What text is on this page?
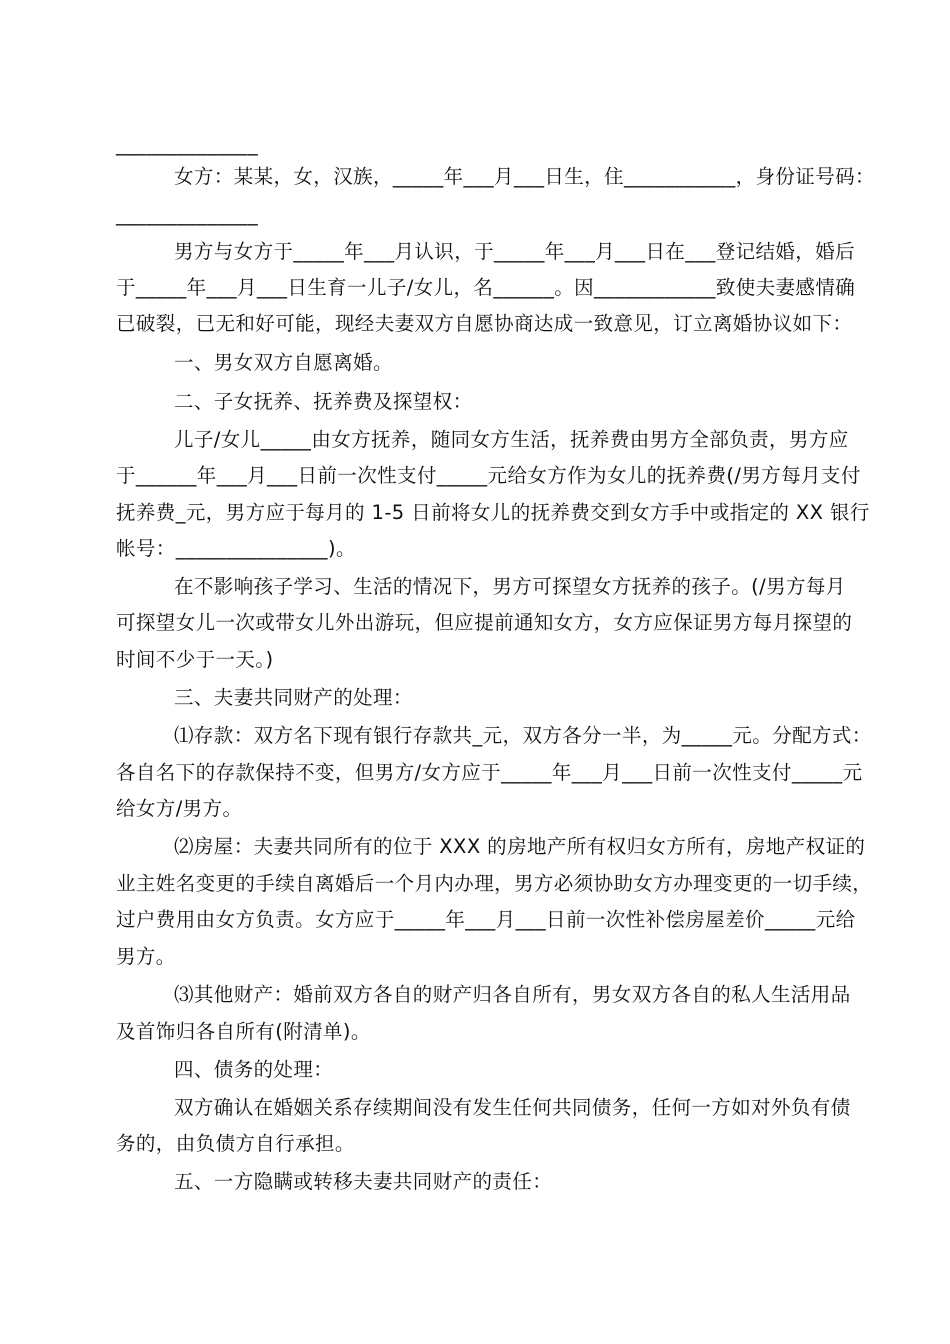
______________
女方：某某，女，汉族，_____年___月___日生，住___________，身份证号码：
______________
男方与女方于_____年___月认识，于_____年___月___日在___登记结婚，婚后
于_____年___月___日生育一儿子/女儿，名______。因____________致使夫妻感情确
已破裂，已无和好可能，现经夫妻双方自愿协商达成一致意见，订立离婚协议如下：
一、男女双方自愿离婚。
二、子女抚养、抚养费及探望权：
儿子/女儿_____由女方抚养，随同女方生活，抚养费由男方全部负责，男方应
于______年___月___日前一次性支付_____元给女方作为女儿的抚养费(/男方每月支付
抚养费_元，男方应于每月的 1-5 日前将女儿的抚养费交到女方手中或指定的 XX 银行
帐号：_______________)。
在不影响孩子学习、生活的情况下，男方可探望女方抚养的孩子。(/男方每月
可探望女儿一次或带女儿外出游玩，但应提前通知女方，女方应保证男方每月探望的
时间不少于一天。)
三、夫妻共同财产的处理：
⑴存款：双方名下现有银行存款共_元，双方各分一半，为_____元。分配方式：
各自名下的存款保持不变，但男方/女方应于_____年___月___日前一次性支付_____元
给女方/男方。
⑵房屋：夫妻共同所有的位于 XXX 的房地产所有权归女方所有，房地产权证的
业主姓名变更的手续自离婚后一个月内办理，男方必须协助女方办理变更的一切手续，
过户费用由女方负责。女方应于_____年___月___日前一次性补偿房屋差价_____元给
男方。
⑶其他财产：婚前双方各自的财产归各自所有，男女双方各自的私人生活用品
及首饰归各自所有(附清单)。
四、债务的处理：
双方确认在婚姻关系存续期间没有发生任何共同债务，任何一方如对外负有债
务的，由负债方自行承担。
五、一方隐瞒或转移夫妻共同财产的责任：
